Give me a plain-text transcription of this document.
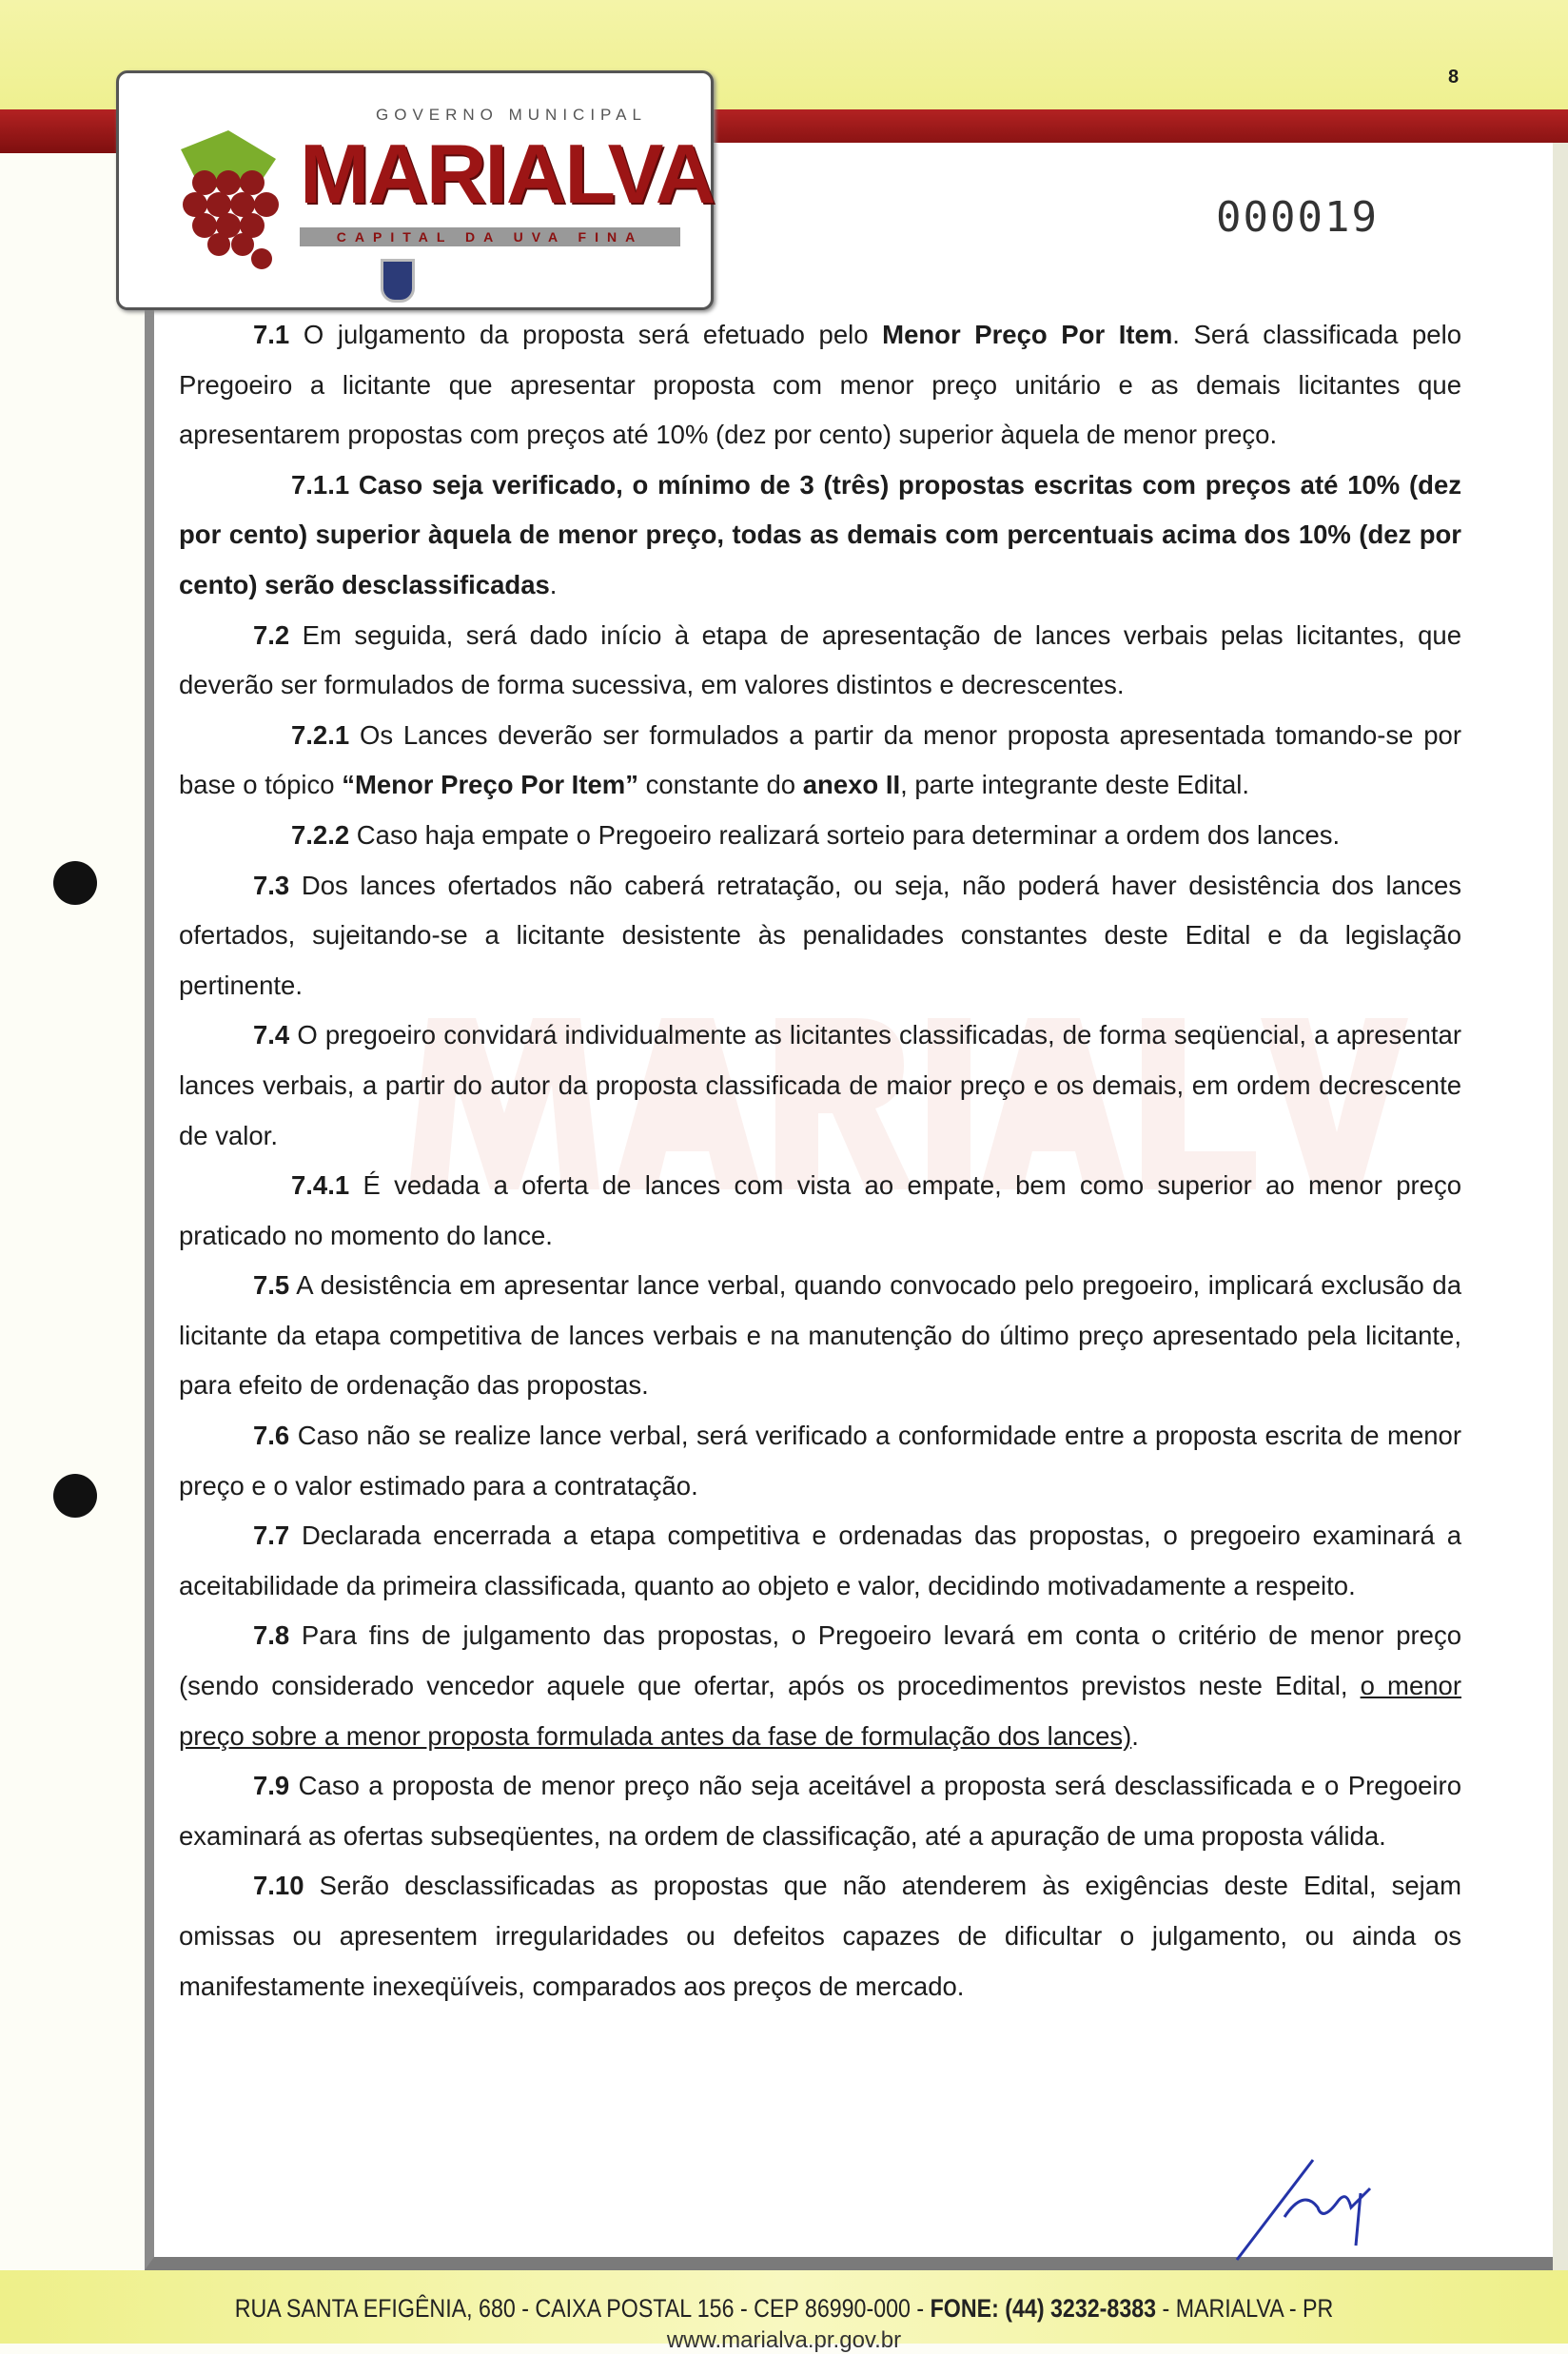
GOVERNO MUNICIPAL
MARIALVA
CAPITAL DA UVA FINA
8
000019

7.1 O julgamento da proposta será efetuado pelo Menor Preço Por Item. Será classificada pelo Pregoeiro a licitante que apresentar proposta com menor preço unitário e as demais licitantes que apresentarem propostas com preços até 10% (dez por cento) superior àquela de menor preço.

7.1.1 Caso seja verificado, o mínimo de 3 (três) propostas escritas com preços até 10% (dez por cento) superior àquela de menor preço, todas as demais com percentuais acima dos 10% (dez por cento) serão desclassificadas.

7.2 Em seguida, será dado início à etapa de apresentação de lances verbais pelas licitantes, que deverão ser formulados de forma sucessiva, em valores distintos e decrescentes.

7.2.1 Os Lances deverão ser formulados a partir da menor proposta apresentada tomando-se por base o tópico “Menor Preço Por Item” constante do anexo II, parte integrante deste Edital.

7.2.2 Caso haja empate o Pregoeiro realizará sorteio para determinar a ordem dos lances.

7.3 Dos lances ofertados não caberá retratação, ou seja, não poderá haver desistência dos lances ofertados, sujeitando-se a licitante desistente às penalidades constantes deste Edital e da legislação pertinente.

7.4 O pregoeiro convidará individualmente as licitantes classificadas, de forma seqüencial, a apresentar lances verbais, a partir do autor da proposta classificada de maior preço e os demais, em ordem decrescente de valor.

7.4.1 É vedada a oferta de lances com vista ao empate, bem como superior ao menor preço praticado no momento do lance.

7.5 A desistência em apresentar lance verbal, quando convocado pelo pregoeiro, implicará exclusão da licitante da etapa competitiva de lances verbais e na manutenção do último preço apresentado pela licitante, para efeito de ordenação das propostas.

7.6 Caso não se realize lance verbal, será verificado a conformidade entre a proposta escrita de menor preço e o valor estimado para a contratação.

7.7 Declarada encerrada a etapa competitiva e ordenadas das propostas, o pregoeiro examinará a aceitabilidade da primeira classificada, quanto ao objeto e valor, decidindo motivadamente a respeito.

7.8 Para fins de julgamento das propostas, o Pregoeiro levará em conta o critério de menor preço (sendo considerado vencedor aquele que ofertar, após os procedimentos previstos neste Edital, o menor preço sobre a menor proposta formulada antes da fase de formulação dos lances).

7.9 Caso a proposta de menor preço não seja aceitável a proposta será desclassificada e o Pregoeiro examinará as ofertas subseqüentes, na ordem de classificação, até a apuração de uma proposta válida.

7.10 Serão desclassificadas as propostas que não atenderem às exigências deste Edital, sejam omissas ou apresentem irregularidades ou defeitos capazes de dificultar o julgamento, ou ainda os manifestamente inexeqüíveis, comparados aos preços de mercado.

RUA SANTA EFIGÊNIA, 680 - CAIXA POSTAL 156 - CEP 86990-000 - FONE: (44) 3232-8383 - MARIALVA - PR
www.marialva.pr.gov.br
